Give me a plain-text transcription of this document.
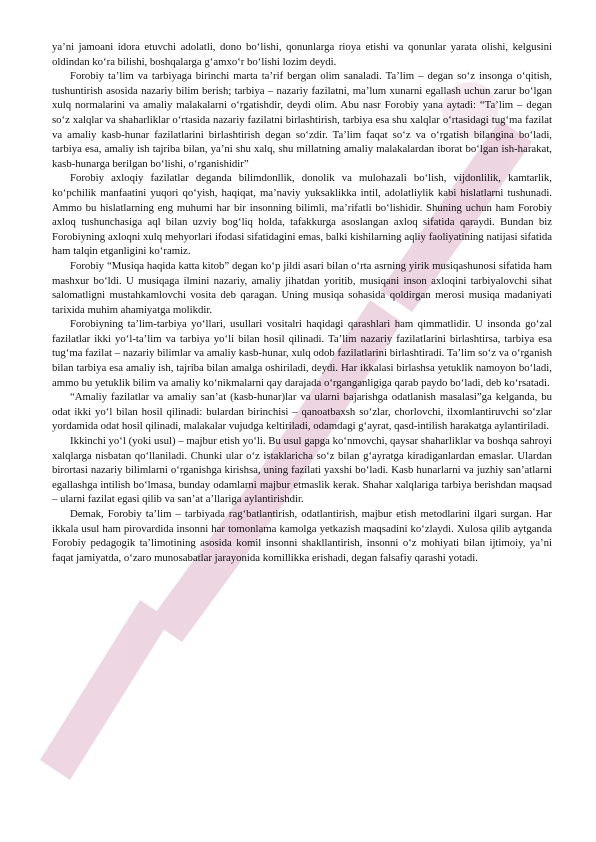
ya’ni jamoani idora etuvchi adolatli, dono bo‘lishi, qonunlarga rioya etishi va qonunlar yarata olishi, kelgusini oldindan ko‘ra bilishi, boshqalarga g‘amxo‘r bo‘lishi lozim deydi.

Forobiy ta’lim va tarbiyaga birinchi marta ta’rif bergan olim sanaladi. Ta’lim – degan so‘z insonga o‘qitish, tushuntirish asosida nazariy bilim berish; tarbiya – nazariy fazilatni, ma’lum xunarni egallash uchun zarur bo‘lgan xulq normalarini va amaliy malakalarni o‘rgatishdir, deydi olim. Abu nasr Forobiy yana aytadi: “Ta’lim – degan so‘z xalqlar va shaharliklar o‘rtasida nazariy fazilatni birlashtirish, tarbiya esa shu xalqlar o‘rtasidagi tug‘ma fazilat va amaliy kasb-hunar fazilatlarini birlashtirish degan so‘zdir. Ta’lim faqat so‘z va o‘rgatish bilangina bo‘ladi, tarbiya esa, amaliy ish tajriba bilan, ya’ni shu xalq, shu millatning amaliy malakalardan iborat bo‘lgan ish-harakat, kasb-hunarga berilgan bo‘lishi, o‘rganishidir”

Forobiy axloqiy fazilatlar deganda bilimdonllik, donolik va mulohazali bo‘lish, vijdonlilik, kamtarlik, ko‘pchilik manfaatini yuqori qo‘yish, haqiqat, ma’naviy yuksaklikka intil, adolatliylik kabi hislatlarni tushunadi. Ammo bu hislatlarning eng muhumi har bir insonning bilimli, ma’rifatli bo‘lishidir. Shuning uchun ham Forobiy axloq tushunchasiga aql bilan uzviy bog‘liq holda, tafakkurga asoslangan axloq sifatida qaraydi. Bundan biz Forobiyning axloqni xulq mehyorlari ifodasi sifatidagini emas, balki kishilarning aqliy faoliyatining natijasi sifatida ham talqin etganligini ko‘ramiz.

Forobiy “Musiqa haqida katta kitob” degan ko‘p jildi asari bilan o‘rta asrning yirik musiqashunosi sifatida ham mashxur bo‘ldi. U musiqaga ilmini nazariy, amaliy jihatdan yoritib, musiqani inson axloqini tarbiyalovchi sihat salomatligni mustahkamlovchi vosita deb qaragan. Uning musiqa sohasida qoldirgan merosi musiqa madaniyati tarixida muhim ahamiyatga molikdir.

Forobiyning ta’lim-tarbiya yo‘llari, usullari vositalri haqidagi qarashlari ham qimmatlidir. U insonda go‘zal fazilatlar ikki yo‘l-ta’lim va tarbiya yo‘li bilan hosil qilinadi. Ta’lim nazariy fazilatlarini birlashtirsa, tarbiya esa tug‘ma fazilat – nazariy bilimlar va amaliy kasb-hunar, xulq odob fazilatlarini birlashtiradi. Ta’lim so‘z va o‘rganish bilan tarbiya esa amaliy ish, tajriba bilan amalga oshiriladi, deydi. Har ikkalasi birlashsa yetuklik namoyon bo‘ladi, ammo bu yetuklik bilim va amaliy ko‘nikmalarni qay darajada o‘rganganligiga qarab paydo bo‘ladi, deb ko‘rsatadi.

“Amaliy fazilatlar va amaliy san’at (kasb-hunar)lar va ularni bajarishga odatlanish masalasi”ga kelganda, bu odat ikki yo‘l bilan hosil qilinadi: bulardan birinchisi – qanoatbaxsh so‘zlar, chorlovchi, ilxomlantiruvchi so‘zlar yordamida odat hosil qilinadi, malakalar vujudga keltiriladi, odamdagi g‘ayrat, qasd-intilish harakatga aylantiriladi.

Ikkinchi yo‘l (yoki usul) – majbur etish yo‘li. Bu usul gapga ko‘nmovchi, qaysar shaharliklar va boshqa sahroyi xalqlarga nisbatan qo‘llaniladi. Chunki ular o‘z istaklaricha so‘z bilan g‘ayratga kiradiganlardan emaslar. Ulardan birortasi nazariy bilimlarni o‘rganishga kirishsa, uning fazilati yaxshi bo‘ladi. Kasb hunarlarni va juzhiy san’atlarni egallashga intilish bo‘lmasa, bunday odamlarni majbur etmaslik kerak. Shahar xalqlariga tarbiya berishdan maqsad – ularni fazilat egasi qilib va san’at a’llariga aylantirishdir.

Demak, Forobiy ta’lim – tarbiyada rag‘batlantirish, odatlantirish, majbur etish metodlarini ilgari surgan. Har ikkala usul ham pirovardida insonni har tomonlama kamolga yetkazish maqsadini ko‘zlaydi. Xulosa qilib aytganda Forobiy pedagogik ta’limotining asosida komil insonni shakllantirish, insonni o‘z mohiyati bilan ijtimoiy, ya’ni faqat jamiyatda, o‘zaro munosabatlar jarayonida komillikka erishadi, degan falsafiy qarashi yotadi.
